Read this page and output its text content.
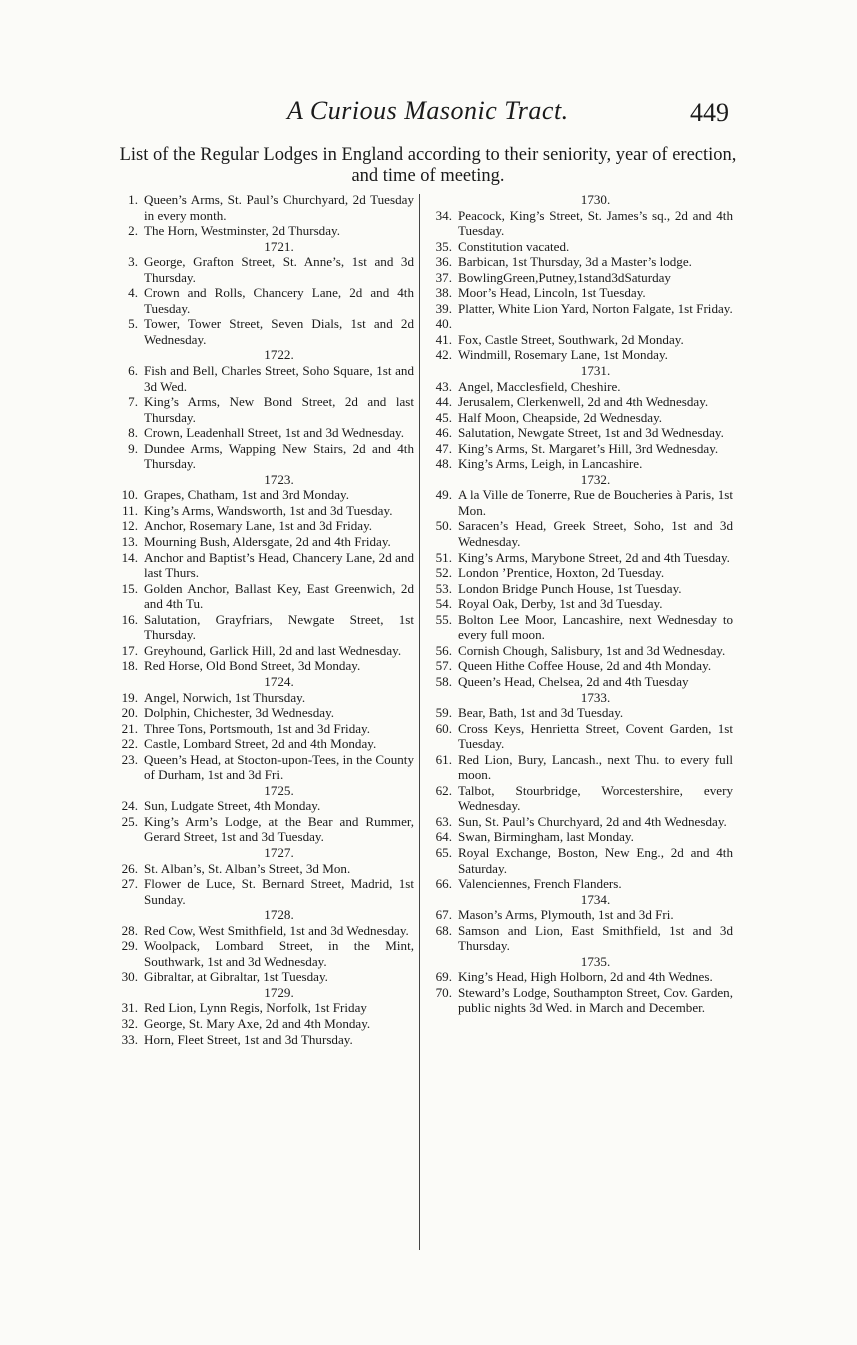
A Curious Masonic Tract.	449
List of the Regular Lodges in England according to their seniority, year of erection, and time of meeting.
1. Queen’s Arms, St. Paul’s Churchyard, 2d Tuesday in every month.
2. The Horn, Westminster, 2d Thursday.
1721.
3. George, Grafton Street, St. Anne’s, 1st and 3d Thursday.
4. Crown and Rolls, Chancery Lane, 2d and 4th Tuesday.
5. Tower, Tower Street, Seven Dials, 1st and 2d Wednesday.
1722.
6. Fish and Bell, Charles Street, Soho Square, 1st and 3d Wed.
7. King’s Arms, New Bond Street, 2d and last Thursday.
8. Crown, Leadenhall Street, 1st and 3d Wednesday.
9. Dundee Arms, Wapping New Stairs, 2d and 4th Thursday.
1723.
10. Grapes, Chatham, 1st and 3rd Monday.
11. King’s Arms, Wandsworth, 1st and 3d Tuesday.
12. Anchor, Rosemary Lane, 1st and 3d Friday.
13. Mourning Bush, Aldersgate, 2d and 4th Friday.
14. Anchor and Baptist’s Head, Chancery Lane, 2d and last Thurs.
15. Golden Anchor, Ballast Key, East Greenwich, 2d and 4th Tu.
16. Salutation, Grayfriars, Newgate Street, 1st Thursday.
17. Greyhound, Garlick Hill, 2d and last Wednesday.
18. Red Horse, Old Bond Street, 3d Monday.
1724.
19. Angel, Norwich, 1st Thursday.
20. Dolphin, Chichester, 3d Wednesday.
21. Three Tons, Portsmouth, 1st and 3d Friday.
22. Castle, Lombard Street, 2d and 4th Monday.
23. Queen’s Head, at Stocton-upon-Tees, in the County of Durham, 1st and 3d Fri.
1725.
24. Sun, Ludgate Street, 4th Monday.
25. King’s Arm’s Lodge, at the Bear and Rummer, Gerard Street, 1st and 3d Tuesday.
1727.
26. St. Alban’s, St. Alban’s Street, 3d Mon.
27. Flower de Luce, St. Bernard Street, Madrid, 1st Sunday.
1728.
28. Red Cow, West Smithfield, 1st and 3d Wednesday.
29. Woolpack, Lombard Street, in the Mint, Southwark, 1st and 3d Wednesday.
30. Gibraltar, at Gibraltar, 1st Tuesday.
1729.
31. Red Lion, Lynn Regis, Norfolk, 1st Friday
32. George, St. Mary Axe, 2d and 4th Monday.
33. Horn, Fleet Street, 1st and 3d Thursday.
1730.
34. Peacock, King’s Street, St. James’s sq., 2d and 4th Tuesday.
35. Constitution vacated.
36. Barbican, 1st Thursday, 3d a Master’s lodge.
37. BowlingGreen,Putney,1stand3dSaturday
38. Moor’s Head, Lincoln, 1st Tuesday.
39. Platter, White Lion Yard, Norton Falgate, 1st Friday.
40.
41. Fox, Castle Street, Southwark, 2d Monday.
42. Windmill, Rosemary Lane, 1st Monday.
1731.
43. Angel, Macclesfield, Cheshire.
44. Jerusalem, Clerkenwell, 2d and 4th Wednesday.
45. Half Moon, Cheapside, 2d Wednesday.
46. Salutation, Newgate Street, 1st and 3d Wednesday.
47. King’s Arms, St. Margaret’s Hill, 3rd Wednesday.
48. King’s Arms, Leigh, in Lancashire.
1732.
49. A la Ville de Tonerre, Rue de Boucheries à Paris, 1st Mon.
50. Saracen’s Head, Greek Street, Soho, 1st and 3d Wednesday.
51. King’s Arms, Marybone Street, 2d and 4th Tuesday.
52. London ’Prentice, Hoxton, 2d Tuesday.
53. London Bridge Punch House, 1st Tuesday.
54. Royal Oak, Derby, 1st and 3d Tuesday.
55. Bolton Lee Moor, Lancashire, next Wednesday to every full moon.
56. Cornish Chough, Salisbury, 1st and 3d Wednesday.
57. Queen Hithe Coffee House, 2d and 4th Monday.
58. Queen’s Head, Chelsea, 2d and 4th Tuesday
1733.
59. Bear, Bath, 1st and 3d Tuesday.
60. Cross Keys, Henrietta Street, Covent Garden, 1st Tuesday.
61. Red Lion, Bury, Lancash., next Thu. to every full moon.
62. Talbot, Stourbridge, Worcestershire, every Wednesday.
63. Sun, St. Paul’s Churchyard, 2d and 4th Wednesday.
64. Swan, Birmingham, last Monday.
65. Royal Exchange, Boston, New Eng., 2d and 4th Saturday.
66. Valenciennes, French Flanders.
1734.
67. Mason’s Arms, Plymouth, 1st and 3d Fri.
68. Samson and Lion, East Smithfield, 1st and 3d Thursday.
1735.
69. King’s Head, High Holborn, 2d and 4th Wednes.
70. Steward’s Lodge, Southampton Street, Cov. Garden, public nights 3d Wed. in March and December.
